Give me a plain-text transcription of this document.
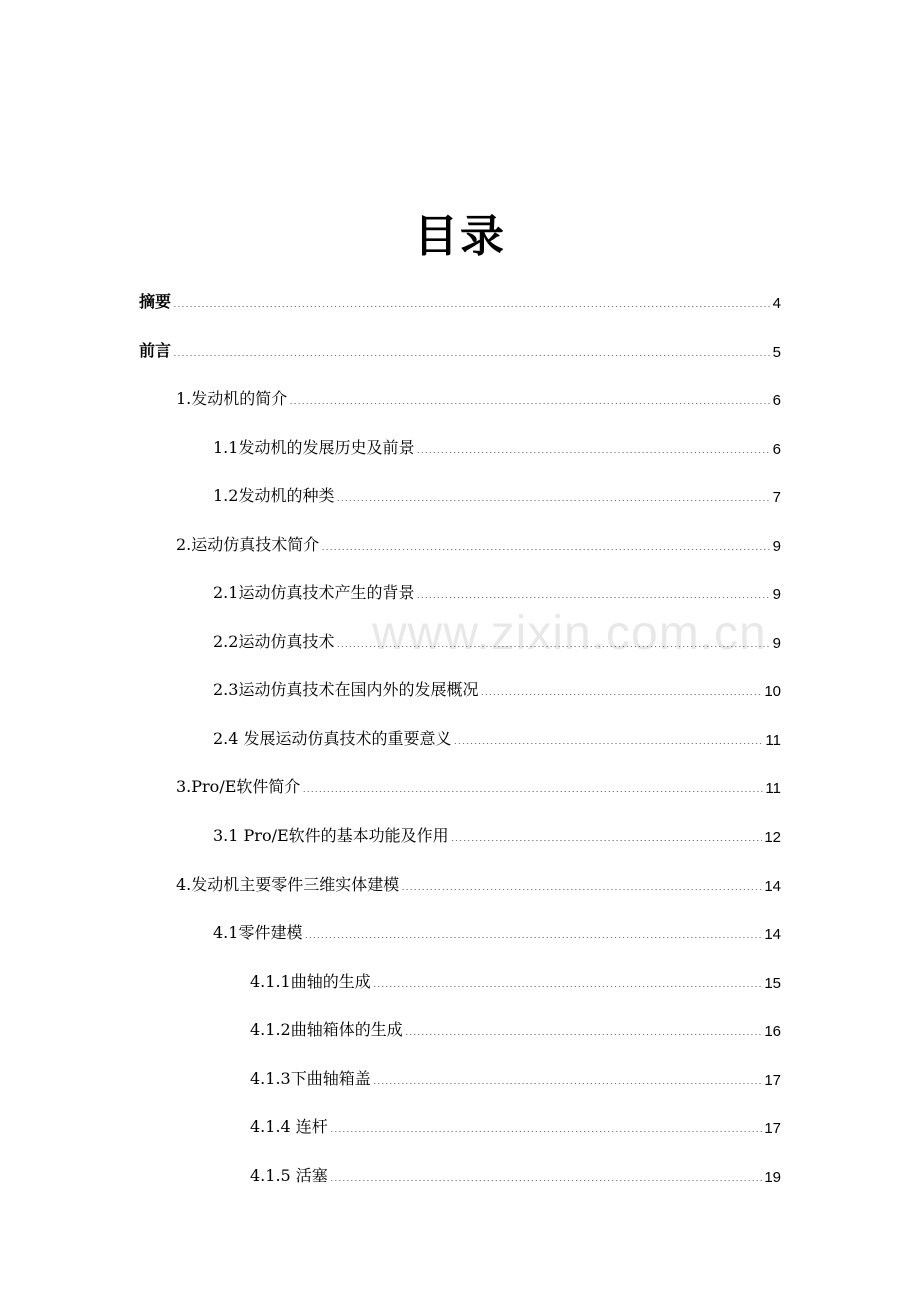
目录
www.zixin.com.cn
摘要 .....	4
前言 .....	5
1.发动机的简介 .....	6
1.1发动机的发展历史及前景 .....	6
1.2发动机的种类 .....	7
2.运动仿真技术简介 .....	9
2.1运动仿真技术产生的背景 .....	9
2.2运动仿真技术 .....	9
2.3运动仿真技术在国内外的发展概况 .....	10
2.4 发展运动仿真技术的重要意义 .....	11
3.Pro/E软件简介 .....	11
3.1 Pro/E软件的基本功能及作用 .....	12
4.发动机主要零件三维实体建模 .....	14
4.1零件建模 .....	14
4.1.1曲轴的生成 .....	15
4.1.2曲轴箱体的生成 .....	16
4.1.3下曲轴箱盖 .....	17
4.1.4 连杆 .....	17
4.1.5 活塞 .....	19
